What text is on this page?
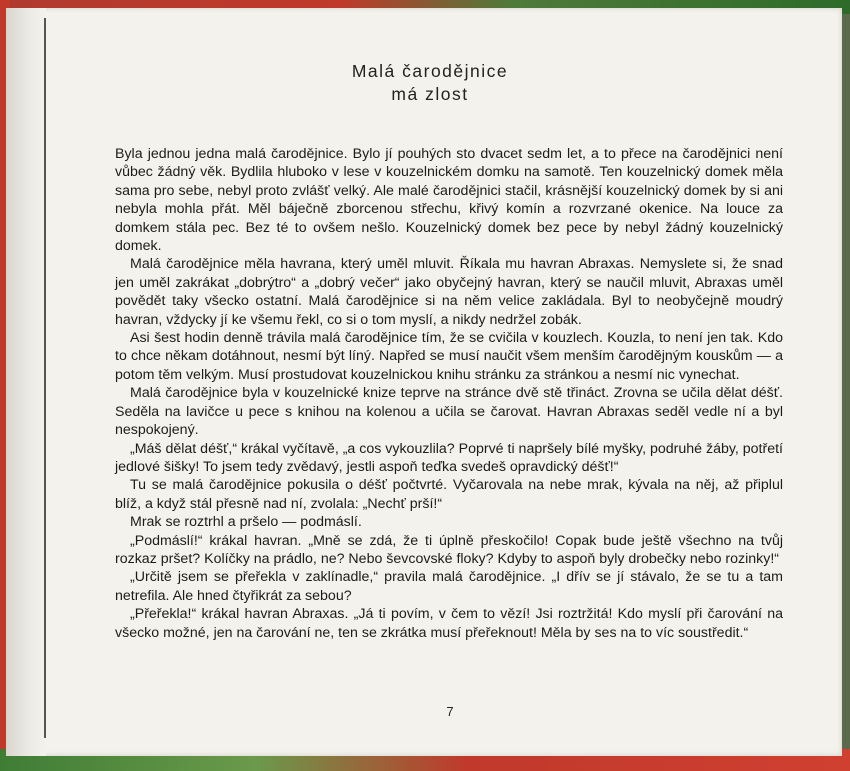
Malá čarodějnice
má zlost

Byla jednou jedna malá čarodějnice. Bylo jí pouhých sto dvacet sedm let, a to přece na čarodějnici není vůbec žádný věk. Bydlila hluboko v lese v kouzelnickém domku na samotě. Ten kouzelnický domek měla sama pro sebe, nebyl proto zvlášť velký. Ale malé čarodějnici stačil, krásnější kouzelnický domek by si ani nebyla mohla přát. Měl báječně zborcenou střechu, křivý komín a rozvrzané okenice. Na louce za domkem stála pec. Bez té to ovšem nešlo. Kouzelnický domek bez pece by nebyl žádný kouzelnický domek.

Malá čarodějnice měla havrana, který uměl mluvit. Říkala mu havran Abraxas. Nemyslete si, že snad jen uměl zakrákat „dobrýtro“ a „dobrý večer“ jako obyčejný havran, který se naučil mluvit, Abraxas uměl povědět taky všecko ostatní. Malá čarodějnice si na něm velice zakládala. Byl to neobyčejně moudrý havran, vždycky jí ke všemu řekl, co si o tom myslí, a nikdy nedržel zobák.

Asi šest hodin denně trávila malá čarodějnice tím, že se cvičila v kouzlech. Kouzla, to není jen tak. Kdo to chce někam dotáhnout, nesmí být líný. Napřed se musí naučit všem menším čarodějným kouskům — a potom těm velkým. Musí prostudovat kouzelnickou knihu stránku za stránkou a nesmí nic vynechat.

Malá čarodějnice byla v kouzelnické knize teprve na stránce dvě stě třináct. Zrovna se učila dělat déšť. Seděla na lavičce u pece s knihou na kolenou a učila se čarovat. Havran Abraxas seděl vedle ní a byl nespokojený.

„Máš dělat déšť,“ krákal vyčítavě, „a cos vykouzlila? Poprvé ti napršely bílé myšky, podruhé žáby, potřetí jedlové šišky! To jsem tedy zvědavý, jestli aspoň teďka svedeš opravdický déšť!“

Tu se malá čarodějnice pokusila o déšť počtvrté. Vyčarovala na nebe mrak, kývala na něj, až připlul blíž, a když stál přesně nad ní, zvolala: „Nechť prší!“

Mrak se roztrhl a pršelo — podmáslí.

„Podmáslí!“ krákal havran. „Mně se zdá, že ti úplně přeskočilo! Copak bude ještě všechno na tvůj rozkaz pršet? Kolíčky na prádlo, ne? Nebo ševcovské floky? Kdyby to aspoň byly drobečky nebo rozinky!“

„Určitě jsem se přeřekla v zaklínadle,“ pravila malá čarodějnice. „I dřív se jí stávalo, že se tu a tam netrefila. Ale hned čtyřikrát za sebou?

„Přeřekla!“ krákal havran Abraxas. „Já ti povím, v čem to vězí! Jsi roztržitá! Kdo myslí při čarování na všecko možné, jen na čarování ne, ten se zkrátka musí přeřeknout! Měla by ses na to víc soustředit.“

7
